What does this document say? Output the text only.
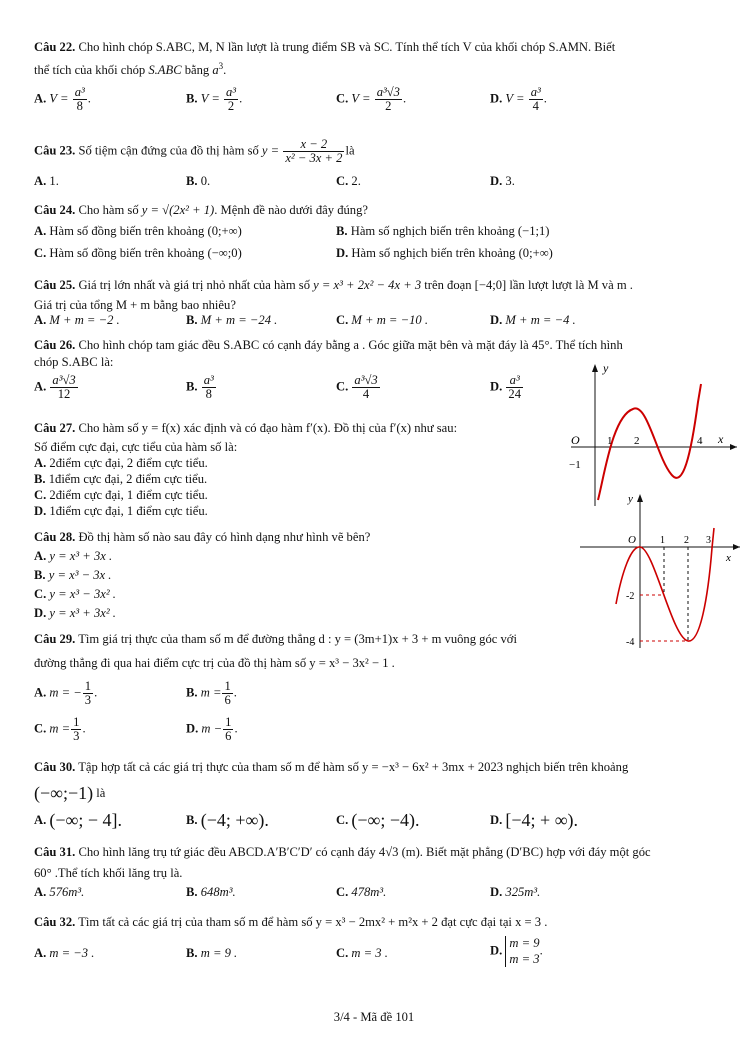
Câu 22. Cho hình chóp S.ABC, M, N lần lượt là trung điểm SB và SC. Tính thể tích V của khối chóp S.AMN. Biết
thể tích của khối chóp S.ABC bằng $a^3$.
A. $V = \frac{\text{a³}}{8}$ .	B. $V = \frac{\text{a³}}{2}$ .	C. $V = \frac{\text{a³√3}}{2}$ .	D. $V = \frac{\text{a³}}{4}$ .
Câu 23. Số tiệm cận đứng của đồ thị hàm số $y = \frac{x - 2}{\text{x² − 3x + 2}}$ là
A. 1.	B. 0.	C. 2.	D. 3.
Câu 24. Cho hàm số y = √(2x² + 1). Mệnh đề nào dưới đây đúng?
A. Hàm số đồng biến trên khoảng (0;+∞)	B. Hàm số nghịch biến trên khoảng (−1;1)
C. Hàm số đồng biến trên khoảng (−∞;0)	D. Hàm số nghịch biến trên khoảng (0;+∞)
Câu 25. Giá trị lớn nhất và giá trị nhỏ nhất của hàm số y = x³ + 2x² − 4x + 3 trên đoạn [−4;0] lần lượt lượt là M và m .
Giá trị của tổng M + m bằng bao nhiêu?
A. M + m = −2 .	B. M + m = −24 .	C. M + m = −10 .	D. M + m = −4 .
Câu 26. Cho hình chóp tam giác đều S.ABC có cạnh đáy bằng a . Góc giữa mặt bên và mặt đáy là 45°. Thể tích hình
chóp S.ABC là:
A. $\frac{\text{a³√3}}{12}$	B. $\frac{\text{a³}}{8}$	C. $\frac{\text{a³√3}}{4}$	D. $\frac{\text{a³}}{24}$
y
x
O 1 2	4
−1
Câu 27. Cho hàm số y = f(x) xác định và có đạo hàm f′(x). Đồ thị của f′(x) như sau:
Số điểm cực đại, cực tiểu của hàm số là:
A. 2điểm cực đại, 2 điểm cực tiểu.
B. 1điểm cực đại, 2 điểm cực tiểu.
C. 2điểm cực đại, 1 điểm cực tiểu.
D. 1điểm cực đại, 1 điểm cực tiểu.
y
x
O 1 2 3
-2
-4
Câu 28. Đồ thị hàm số nào sau đây có hình dạng như hình vẽ bên?
A. y = x³ + 3x .
B. y = x³ − 3x .
C. y = x³ − 3x² .
D. y = x³ + 3x² .
Câu 29. Tìm giá trị thực của tham số m để đường thẳng d : y = (3m+1)x + 3 + m vuông góc với
đường thẳng đi qua hai điểm cực trị của đồ thị hàm số y = x³ − 3x² − 1 .
A. m = − $\frac{1}{3}$ .	B. $m = \frac{1}{6}$ .
C. $m = \frac{1}{3}$ .	D. $m - \frac{1}{6}$ .
Câu 30. Tập hợp tất cả các giá trị thực của tham số m để hàm số y = −x³ − 6x² + 3mx + 2023 nghịch biến trên khoảng
(−∞;−1) là
A. (−∞; − 4].	B. (−4; +∞).	C. (−∞; −4).	D. [−4; + ∞).
Câu 31. Cho hình lăng trụ tứ giác đều ABCD.A′B′C′D′ có cạnh đáy 4√3 (m). Biết mặt phẳng (D′BC) hợp với đáy một góc
60° .Thể tích khối lăng trụ là.
A. 576m³.	B. 648m³.	C. 478m³.	D. 325m³.
Câu 32. Tìm tất cả các giá trị của tham số m để hàm số y = x³ − 2mx² + m²x + 2 đạt cực đại tại x = 3 .
A. m = −3 .	B. m = 9 .	C. m = 3 .	D.
m = 9
m = 3
.
3/4 - Mã đề 101
